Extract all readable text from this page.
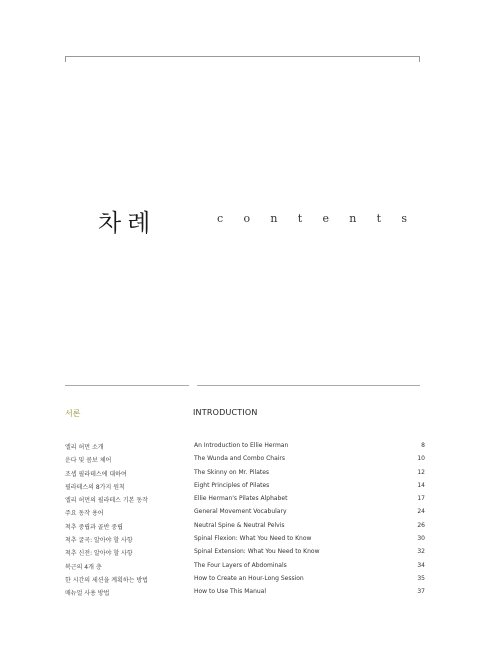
차례	c o n t e n t s
서론	INTRODUCTION
엘리 허먼 소개	An Introduction to Ellie Herman	8
운다 및 콤보 체어	The Wunda and Combo Chairs	10
조셉 필라테스에 대하여	The Skinny on Mr. Pilates	12
필라테스의 8가지 원칙	Eight Principles of Pilates	14
엘리 허먼의 필라테스 기본 동작	Ellie Herman's Pilates Alphabet	17
주요 동작 용어	General Movement Vocabulary	24
척추 중립과 골반 중립	Neutral Spine & Neutral Pelvis	26
척추 굴곡: 알아야 할 사항	Spinal Flexion: What You Need to Know	30
척추 신전: 알아야 할 사항	Spinal Extension: What You Need to Know	32
복근의 4개 층	The Four Layers of Abdominals	34
한 시간의 세션을 계획하는 방법	How to Create an Hour-Long Session	35
매뉴얼 사용 방법	How to Use This Manual	37
